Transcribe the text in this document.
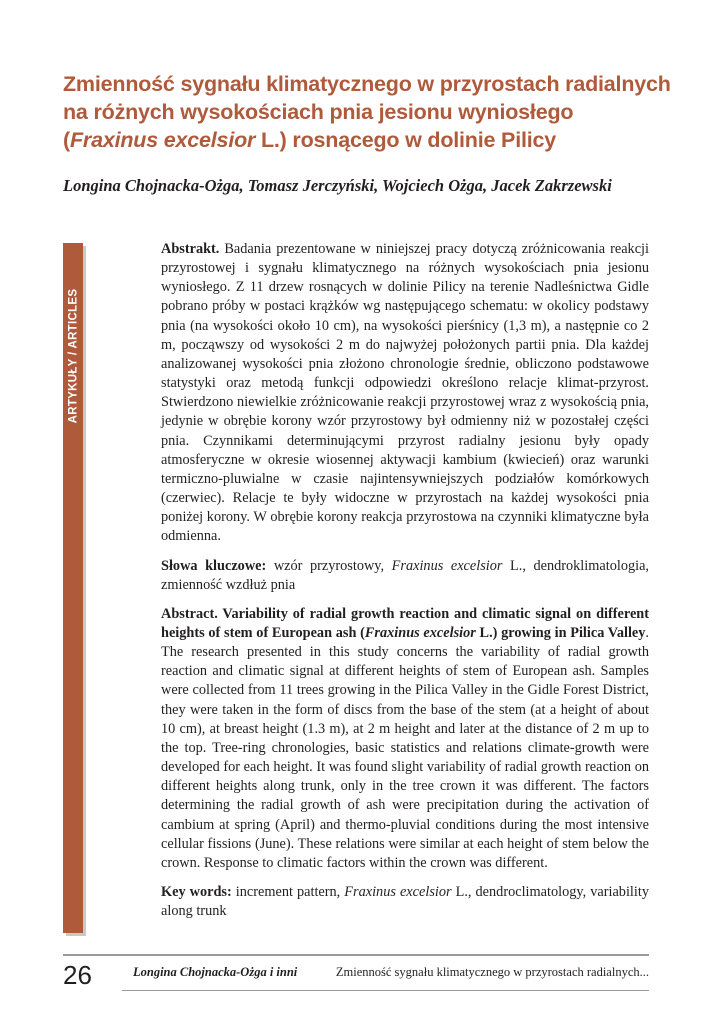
Zmienność sygnału klimatycznego w przyrostach radialnych
na różnych wysokościach pnia jesionu wyniosłego
(Fraxinus excelsior L.) rosnącego w dolinie Pilicy

Longina Chojnacka-Ożga, Tomasz Jerczyński, Wojciech Ożga, Jacek Zakrzewski

ARTYKUŁY / ARTICLES

Abstrakt. Badania prezentowane w niniejszej pracy dotyczą zróżnicowania reakcji przyrostowej i sygnału klimatycznego na różnych wysokościach pnia jesionu wyniosłego. Z 11 drzew rosnących w dolinie Pilicy na terenie Nadleśnictwa Gidle pobrano próby w postaci krążków wg następującego schematu: w okolicy podstawy pnia (na wysokości około 10 cm), na wysokości pierśnicy (1,3 m), a następnie co 2 m, począwszy od wysokości 2 m do najwyżej położonych partii pnia. Dla każdej analizowanej wysokości pnia złożono chronologie średnie, obliczono podstawowe statystyki oraz metodą funkcji odpowiedzi określono relacje klimat-przyrost. Stwierdzono niewielkie zróżnicowanie reakcji przyrostowej wraz z wysokością pnia, jedynie w obrębie korony wzór przyrostowy był odmienny niż w pozostałej części pnia. Czynnikami determinującymi przyrost radialny jesionu były opady atmosferyczne w okresie wiosennej aktywacji kambium (kwiecień) oraz warunki termiczno-pluwialne w czasie najintensywniejszych podziałów komórkowych (czerwiec). Relacje te były widoczne w przyrostach na każdej wysokości pnia poniżej korony. W obrębie korony reakcja przyrostowa na czynniki klimatyczne była odmienna.

Słowa kluczowe: wzór przyrostowy, Fraxinus excelsior L., dendroklimatologia, zmienność wzdłuż pnia

Abstract. Variability of radial growth reaction and climatic signal on different heights of stem of European ash (Fraxinus excelsior L.) growing in Pilica Valley. The research presented in this study concerns the variability of radial growth reaction and climatic signal at different heights of stem of European ash. Samples were collected from 11 trees growing in the Pilica Valley in the Gidle Forest District, they were taken in the form of discs from the base of the stem (at a height of about 10 cm), at breast height (1.3 m), at 2 m height and later at the distance of 2 m up to the top. Tree-ring chronologies, basic statistics and relations climate-growth were developed for each height. It was found slight variability of radial growth reaction on different heights along trunk, only in the tree crown it was different. The factors determining the radial growth of ash were precipitation during the activation of cambium at spring (April) and thermo-pluvial conditions during the most intensive cellular fissions (June). These relations were similar at each height of stem below the crown. Response to climatic factors within the crown was different.

Key words: increment pattern, Fraxinus excelsior L., dendroclimatology, variability along trunk

26	Longina Chojnacka-Ożga i inni	Zmienność sygnału klimatycznego w przyrostach radialnych...
